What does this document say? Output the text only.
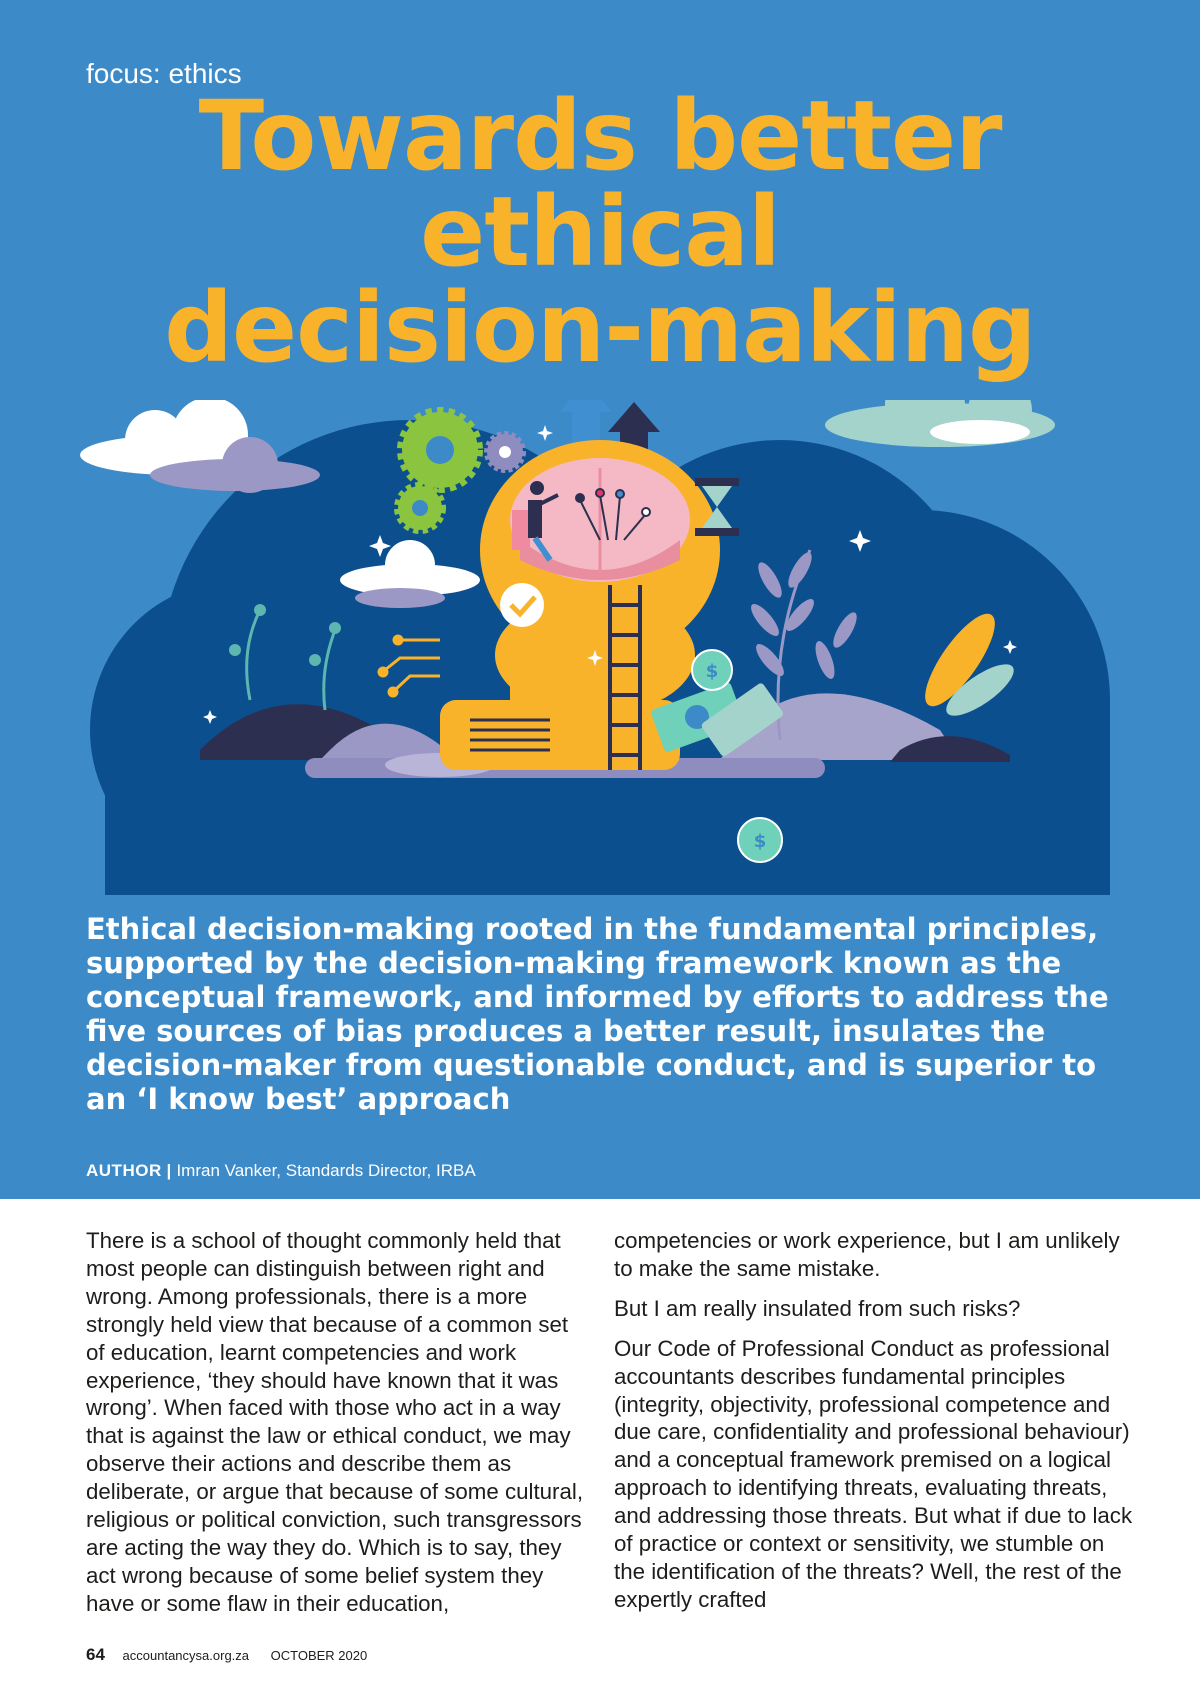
focus: ethics
Towards better
ethical
decision-making
$
$
Ethical decision-making rooted in the fundamental principles, supported by the decision-making framework known as the conceptual framework, and informed by efforts to address the five sources of bias produces a better result, insulates the decision-maker from questionable conduct, and is superior to an ‘I know best’ approach
AUTHOR | Imran Vanker, Standards Director, IRBA

There is a school of thought commonly held that most people can distinguish between right and wrong. Among professionals, there is a more strongly held view that because of a common set of education, learnt competencies and work experience, ‘they should have known that it was wrong’. When faced with those who act in a way that is against the law or ethical conduct, we may observe their actions and describe them as deliberate, or argue that because of some cultural, religious or political conviction, such transgressors are acting the way they do. Which is to say, they act wrong because of some belief system they have or some flaw in their education,

competencies or work experience, but I am unlikely to make the same mistake.

But I am really insulated from such risks?

Our Code of Professional Conduct as professional accountants describes fundamental principles (integrity, objectivity, professional competence and due care, confidentiality and professional behaviour) and a conceptual framework premised on a logical approach to identifying threats, evaluating threats, and addressing those threats. But what if due to lack of practice or context or sensitivity, we stumble on the identification of the threats? Well, the rest of the expertly crafted

64 accountancysa.org.za OCTOBER 2020
